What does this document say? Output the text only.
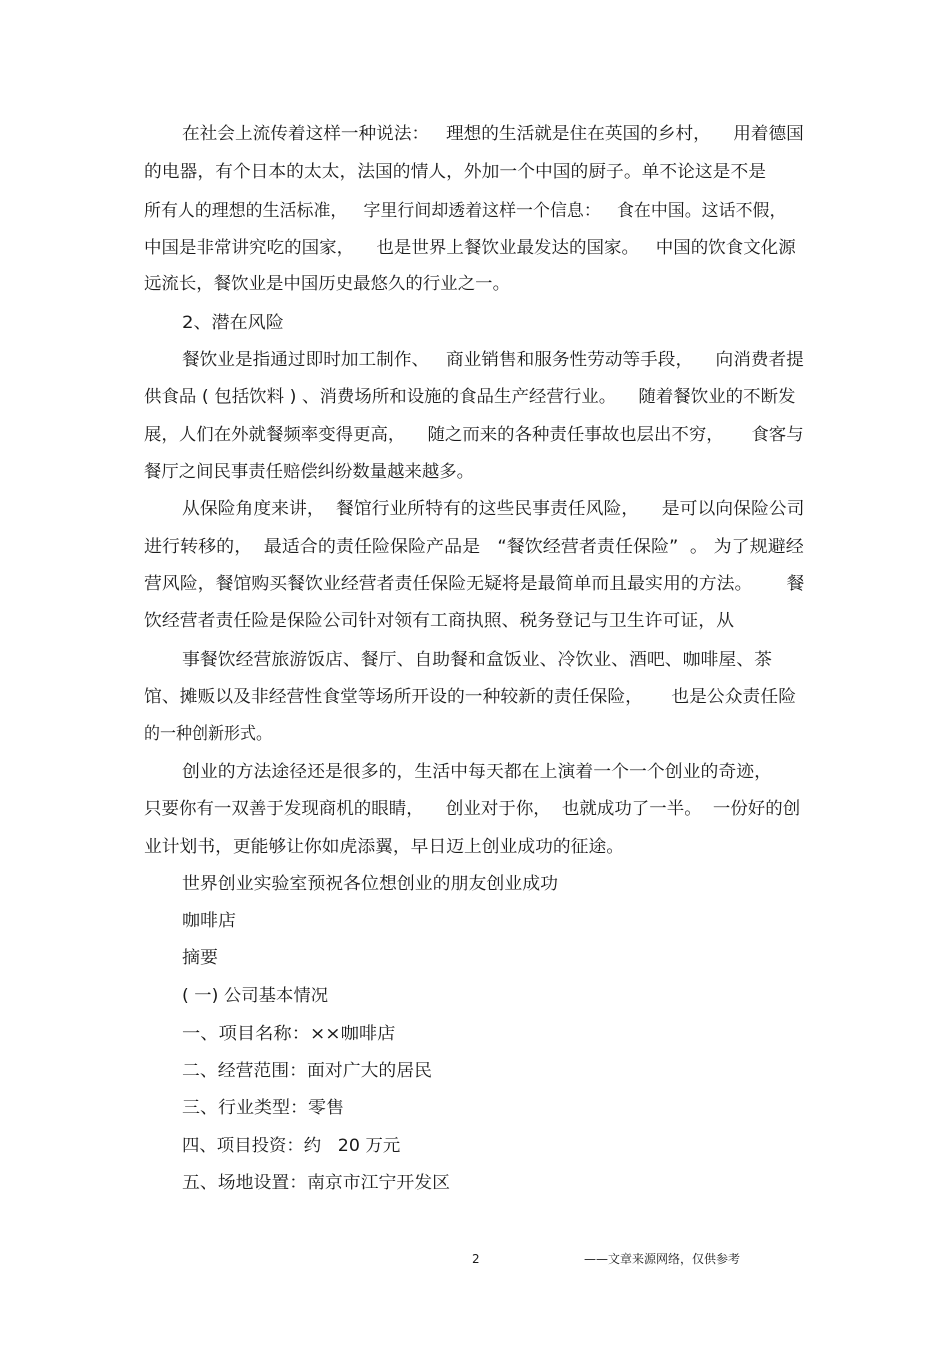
在社会上流传着这样一种说法：   理想的生活就是住在英国的乡村，    用着德国
的电器，有个日本的太太，法国的情人，外加一个中国的厨子。单不论这是不是
所有人的理想的生活标准，   字里行间却透着这样一个信息：   食在中国。这话不假，
中国是非常讲究吃的国家，    也是世界上餐饮业最发达的国家。   中国的饮食文化源
远流长，餐饮业是中国历史最悠久的行业之一。
2、潜在风险
餐饮业是指通过即时加工制作、   商业销售和服务性劳动等手段，    向消费者提
供食品 ( 包括饮料 ) 、消费场所和设施的食品生产经营行业。    随着餐饮业的不断发
展，人们在外就餐频率变得更高，    随之而来的各种责任事故也层出不穷，     食客与
餐厅之间民事责任赔偿纠纷数量越来越多。
从保险角度来讲，  餐馆行业所特有的这些民事责任风险，    是可以向保险公司
进行转移的，  最适合的责任险保险产品是   “餐饮经营者责任保险”  。 为了规避经
营风险，餐馆购买餐饮业经营者责任保险无疑将是最简单而且最实用的方法。      餐
饮经营者责任险是保险公司针对领有工商执照、税务登记与卫生许可证，从
事餐饮经营旅游饭店、餐厅、自助餐和盒饭业、冷饮业、酒吧、咖啡屋、茶
馆、摊贩以及非经营性食堂等场所开设的一种较新的责任保险，     也是公众责任险
的一种创新形式。
创业的方法途径还是很多的，生活中每天都在上演着一个一个创业的奇迹，
只要你有一双善于发现商机的眼睛，    创业对于你，  也就成功了一半。  一份好的创
业计划书，更能够让你如虎添翼，早日迈上创业成功的征途。
世界创业实验室预祝各位想创业的朋友创业成功
咖啡店
摘要
( 一) 公司基本情况
一、项目名称：××咖啡店
二、经营范围：面对广大的居民
三、行业类型：零售
四、项目投资：约   20 万元
五、场地设置：南京市江宁开发区
2	——文章来源网络，仅供参考
